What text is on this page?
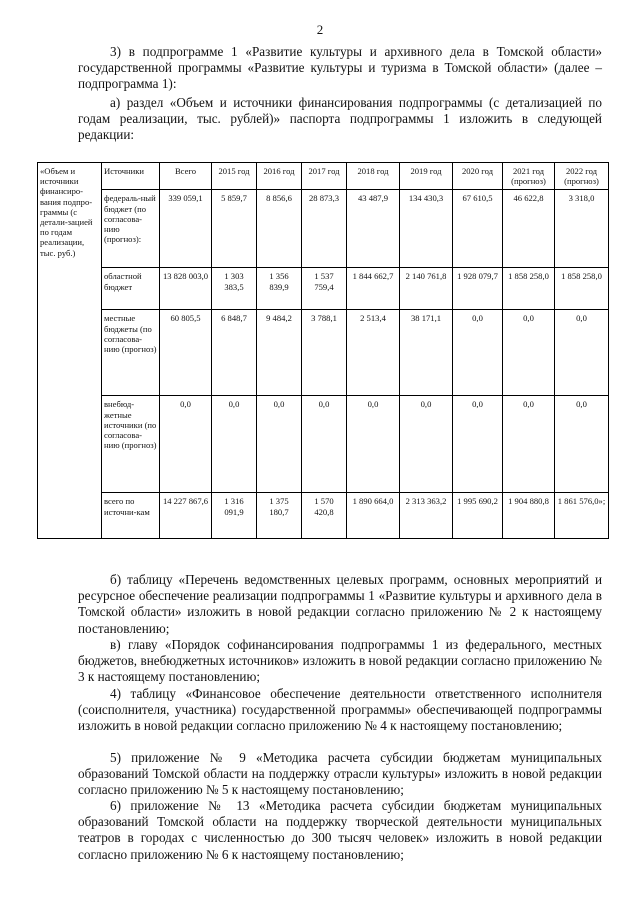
2

3) в подпрограмме 1 «Развитие культуры и архивного дела в Томской области» государственной программы «Развитие культуры и туризма в Томской области» (далее – подпрограмма 1):

а) раздел «Объем и источники финансирования подпрограммы (с детализацией по годам реализации, тыс. рублей)» паспорта подпрограммы 1 изложить в следующей редакции:

«Объем и источники финансиро-вания подпро-граммы (с детали-зацией по годам реализации, тыс. руб.)	Источники	Всего	2015 год	2016 год	2017 год	2018 год	2019 год	2020 год	2021 год (прогноз)	2022 год (прогноз)
	федераль-ный бюджет (по согласова-нию (прогноз):	339 059,1	5 859,7	8 856,6	28 873,3	43 487,9	134 430,3	67 610,5	46 622,8	3 318,0
	областной бюджет	13 828 003,0	1 303 383,5	1 356 839,9	1 537 759,4	1 844 662,7	2 140 761,8	1 928 079,7	1 858 258,0	1 858 258,0
	местные бюджеты (по согласова-нию (прогноз)	60 805,5	6 848,7	9 484,2	3 788,1	2 513,4	38 171,1	0,0	0,0	0,0
	внебюд-жетные источники (по согласова-нию (прогноз)	0,0	0,0	0,0	0,0	0,0	0,0	0,0	0,0	0,0
	всего по источни-кам	14 227 867,6	1 316 091,9	1 375 180,7	1 570 420,8	1 890 664,0	2 313 363,2	1 995 690,2	1 904 880,8	1 861 576,0»;

б) таблицу «Перечень ведомственных целевых программ, основных мероприятий и ресурсное обеспечение реализации подпрограммы 1 «Развитие культуры и архивного дела в Томской области» изложить в новой редакции согласно приложению № 2 к настоящему постановлению;

в) главу «Порядок софинансирования подпрограммы 1 из федерального, местных бюджетов, внебюджетных источников» изложить в новой редакции согласно приложению № 3 к настоящему постановлению;

4) таблицу «Финансовое обеспечение деятельности ответственного исполнителя (соисполнителя, участника) государственной программы» обеспечивающей подпрограммы изложить в новой редакции согласно приложению № 4 к настоящему постановлению;

5) приложение № 9 «Методика расчета субсидии бюджетам муниципальных образований Томской области на поддержку отрасли культуры» изложить в новой редакции согласно приложению № 5 к настоящему постановлению;

6) приложение № 13 «Методика расчета субсидии бюджетам муниципальных образований Томской области на поддержку творческой деятельности муниципальных театров в городах с численностью до 300 тысяч человек» изложить в новой редакции согласно приложению № 6 к настоящему постановлению;
